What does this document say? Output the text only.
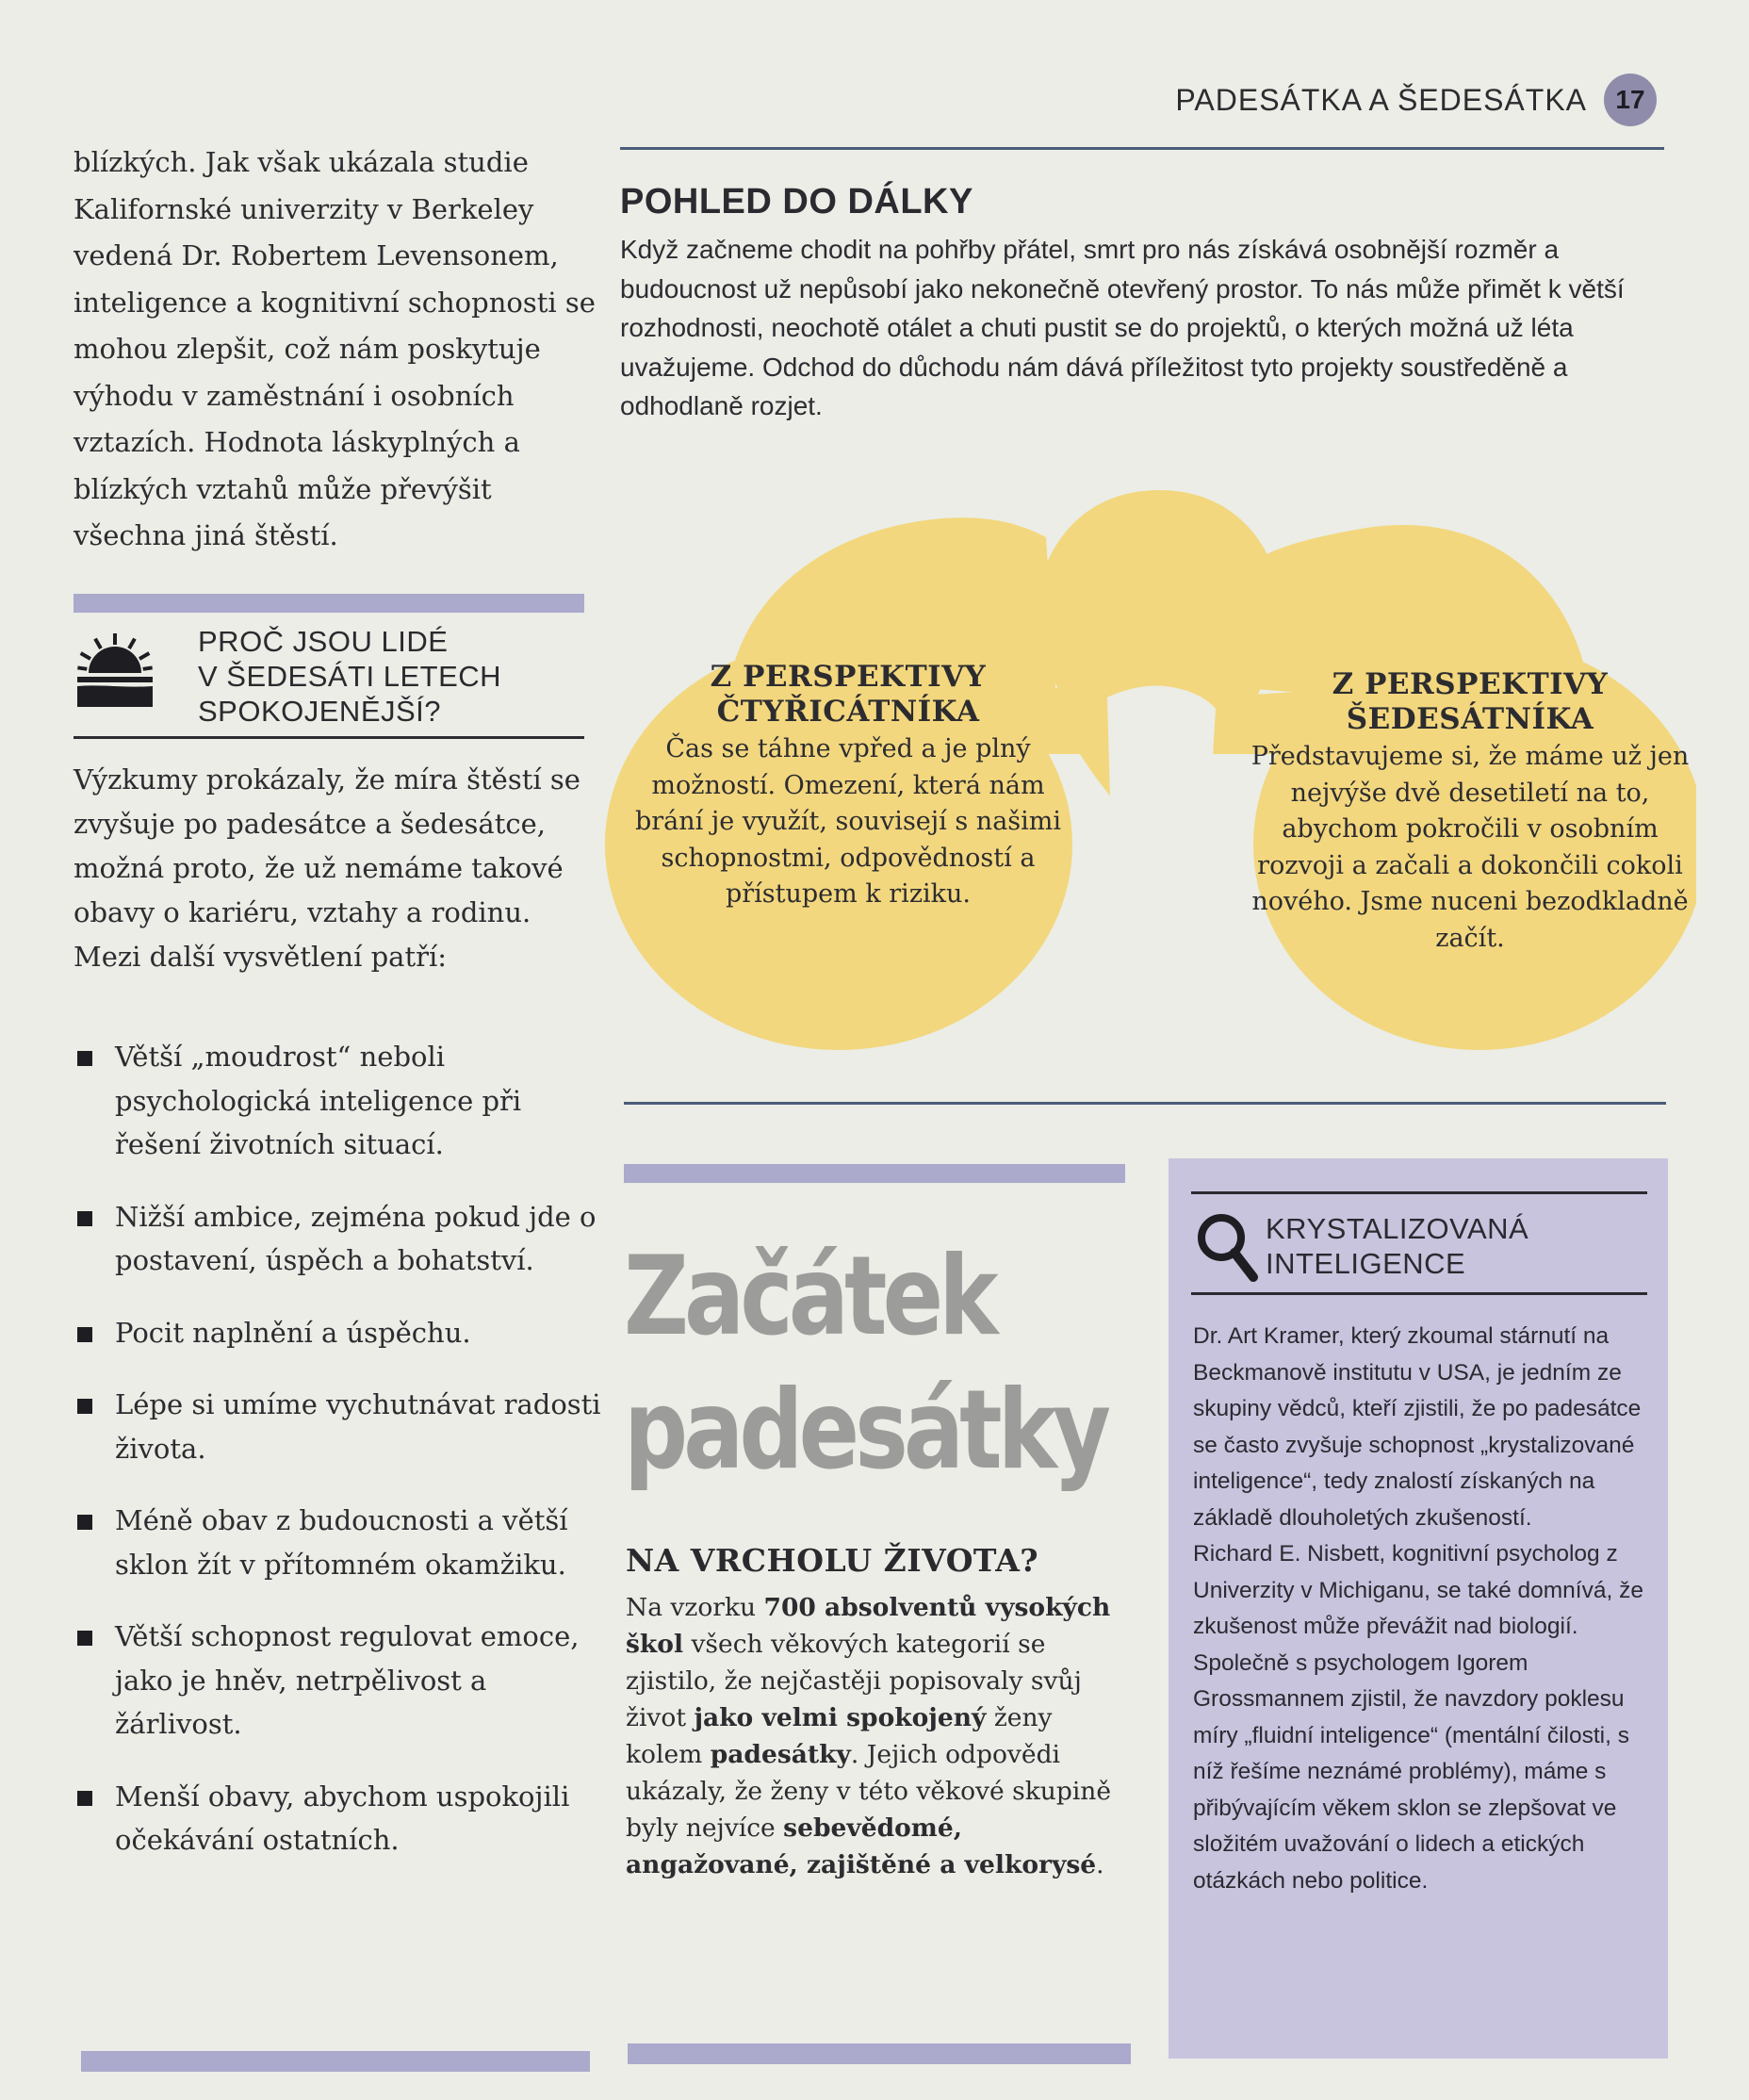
PADESÁTKA A ŠEDESÁTKA	17

blízkých. Jak však ukázala studie Kalifornské univerzity v Berkeley vedená Dr. Robertem Levensonem, inteligence a kognitivní schopnosti se mohou zlepšit, což nám poskytuje výhodu v zaměstnání i osobních vztazích. Hodnota láskyplných a blízkých vztahů může převýšit všechna jiná štěstí.

PROČ JSOU LIDÉ
V ŠEDESÁTI LETECH
SPOKOJENĚJŠÍ?

Výzkumy prokázaly, že míra štěstí se zvyšuje po padesátce a šedesátce, možná proto, že už nemáme takové obavy o kariéru, vztahy a rodinu. Mezi další vysvětlení patří:

Větší „moudrost“ neboli psychologická inteligence při řešení životních situací.
Nižší ambice, zejména pokud jde o postavení, úspěch a bohatství.
Pocit naplnění a úspěchu.
Lépe si umíme vychutnávat radosti života.
Méně obav z budoucnosti a větší sklon žít v přítomném okamžiku.
Větší schopnost regulovat emoce, jako je hněv, netrpělivost a žárlivost.
Menší obavy, abychom uspokojili očekávání ostatních.
POHLED DO DÁLKY

Když začneme chodit na pohřby přátel, smrt pro nás získává osobnější rozměr a budoucnost už nepůsobí jako nekonečně otevřený prostor. To nás může přimět k větší rozhodnosti, neochotě otálet a chuti pustit se do projektů, o kterých možná už léta uvažujeme. Odchod do důchodu nám dává příležitost tyto projekty soustředěně a odhodlaně rozjet.

Z PERSPEKTIVY
ČTYŘICÁTNÍKA

Čas se táhne vpřed a je plný možností. Omezení, která nám brání je využít, souvisejí s našimi schopnostmi, odpovědností a přístupem k riziku.

Z PERSPEKTIVY
ŠEDESÁTNÍKA

Představujeme si, že máme už jen nejvýše dvě desetiletí na to, abychom pokročili v osobním rozvoji a začali a dokončili cokoli nového. Jsme nuceni bezodkladně začít.

Začátek
padesátky
NA VRCHOLU ŽIVOTA?

Na vzorku 700 absolventů vysokých škol všech věkových kategorií se zjistilo, že nejčastěji popisovaly svůj život jako velmi spokojený ženy kolem padesátky. Jejich odpovědi ukázaly, že ženy v této věkové skupině byly nejvíce sebevědomé, angažované, zajištěné a velkorysé.

KRYSTALIZOVANÁ
INTELIGENCE

Dr. Art Kramer, který zkoumal stárnutí na Beckmanově institutu v USA, je jedním ze skupiny vědců, kteří zjistili, že po padesátce se často zvyšuje schopnost „krystalizované inteligence“, tedy znalostí získaných na základě dlouholetých zkušeností.

Richard E. Nisbett, kognitivní psycholog z Univerzity v Michiganu, se také domnívá, že zkušenost může převážit nad biologií. Společně s psychologem Igorem Grossmannem zjistil, že navzdory poklesu míry „fluidní inteligence“ (mentální čilosti, s níž řešíme neznámé problémy), máme s přibývajícím věkem sklon se zlepšovat ve složitém uvažování o lidech a etických otázkách nebo politice.
